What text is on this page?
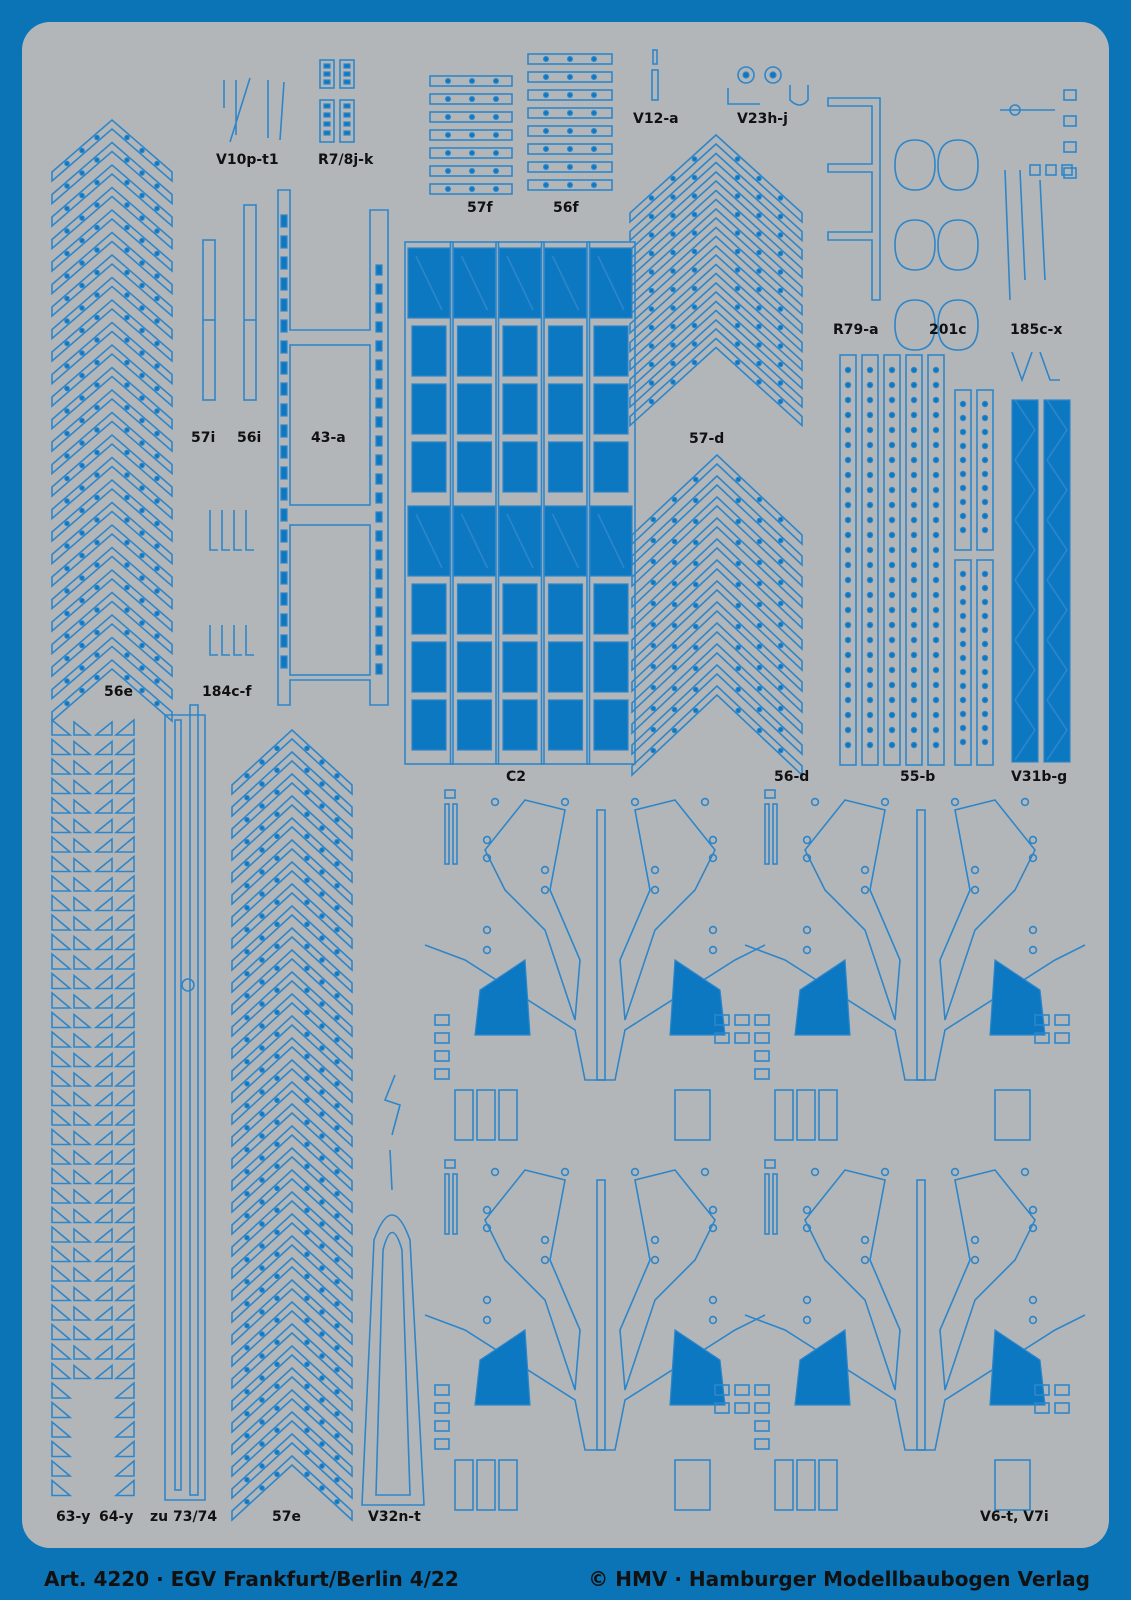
V10p-t1	R7/8j-k
57f	56f
V12-a	V23h-j
R79-a	201c	185c-x
57i 56i	43-a	57-d
56e	184c-f
C2	56-d	55-b	V31b-g
63-y 64-y zu 73/74	57e	V32n-t	V6-t, V7i
Art. 4220 · EGV Frankfurt/Berlin 4/22	© HMV · Hamburger Modellbaubogen Verlag
